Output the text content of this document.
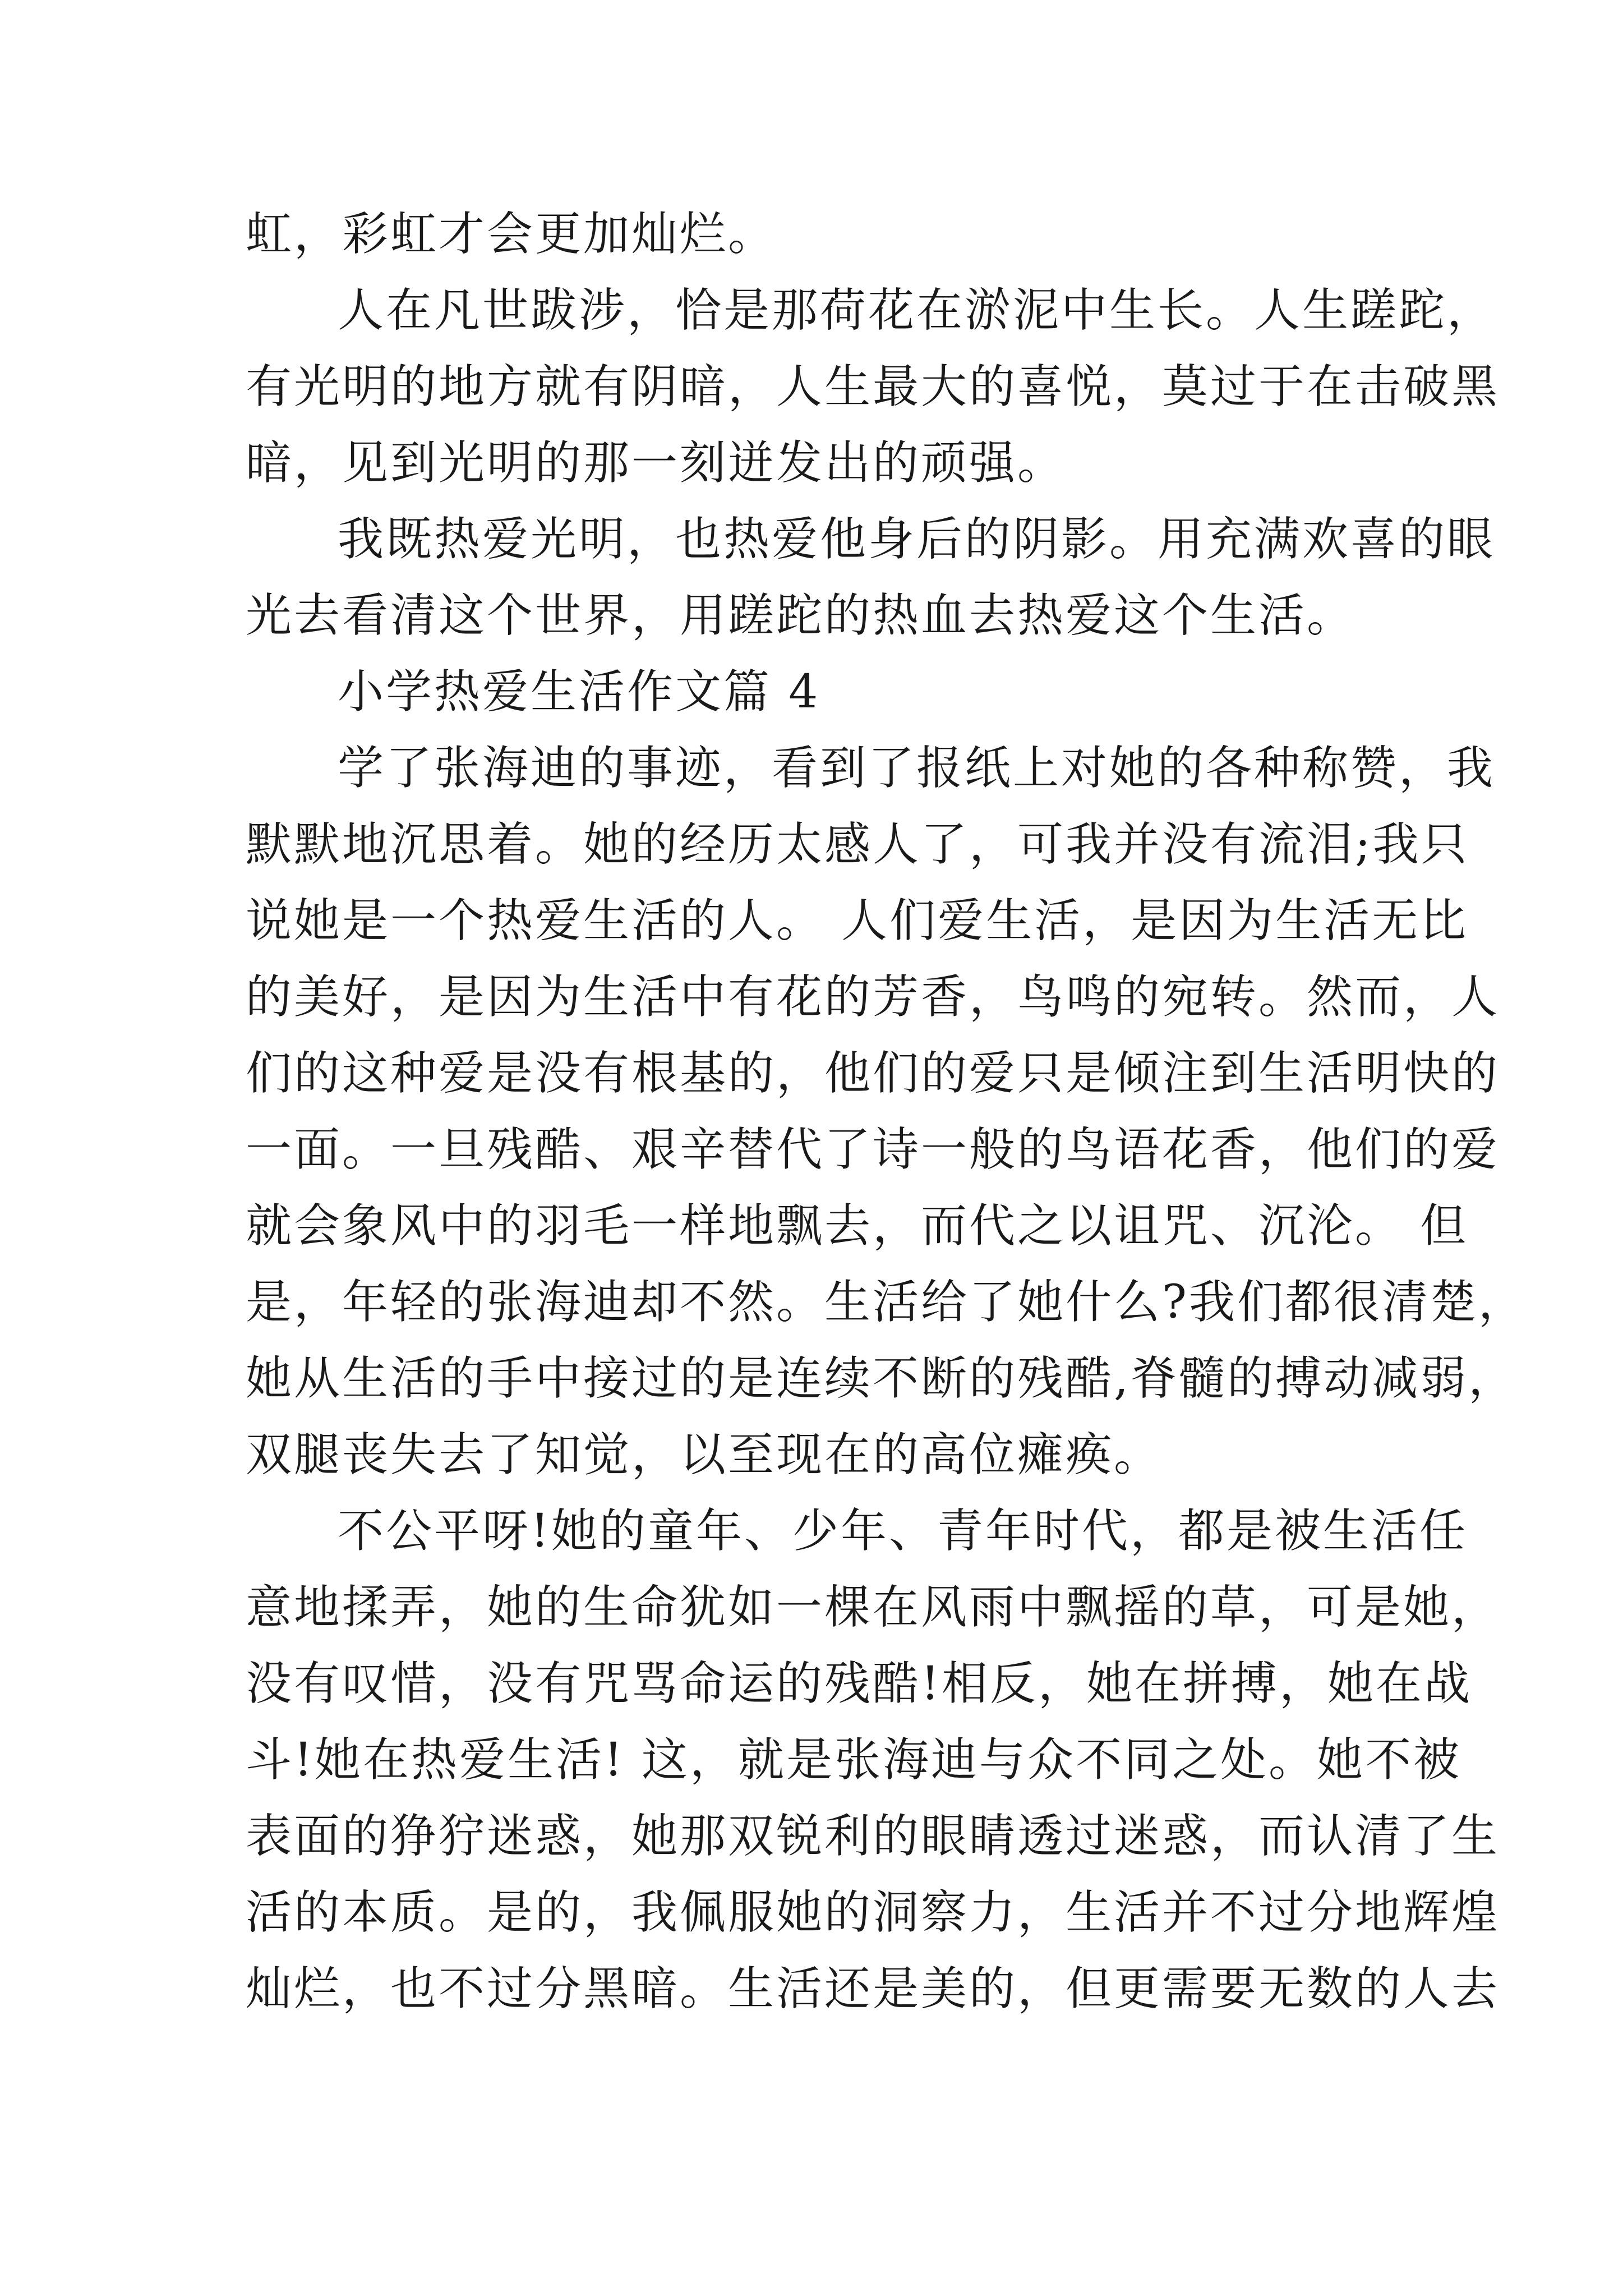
虹，彩虹才会更加灿烂。
人在凡世跋涉，恰是那荷花在淤泥中生长。人生蹉跎，
有光明的地方就有阴暗，人生最大的喜悦，莫过于在击破黑
暗，见到光明的那一刻迸发出的顽强。
我既热爱光明，也热爱他身后的阴影。用充满欢喜的眼
光去看清这个世界，用蹉跎的热血去热爱这个生活。
小学热爱生活作文篇 4
学了张海迪的事迹，看到了报纸上对她的各种称赞，我
默默地沉思着。她的经历太感人了，可我并没有流泪;我只
说她是一个热爱生活的人。 人们爱生活，是因为生活无比
的美好，是因为生活中有花的芳香，鸟鸣的宛转。然而，人
们的这种爱是没有根基的，他们的爱只是倾注到生活明快的
一面。一旦残酷、艰辛替代了诗一般的鸟语花香，他们的爱
就会象风中的羽毛一样地飘去，而代之以诅咒、沉沦。 但
是，年轻的张海迪却不然。生活给了她什么?我们都很清楚，
她从生活的手中接过的是连续不断的残酷,脊髓的搏动减弱，
双腿丧失去了知觉，以至现在的高位瘫痪。
不公平呀!她的童年、少年、青年时代，都是被生活任
意地揉弄，她的生命犹如一棵在风雨中飘摇的草，可是她，
没有叹惜，没有咒骂命运的残酷!相反，她在拼搏，她在战
斗!她在热爱生活! 这，就是张海迪与众不同之处。她不被
表面的狰狞迷惑，她那双锐利的眼睛透过迷惑，而认清了生
活的本质。是的，我佩服她的洞察力，生活并不过分地辉煌
灿烂，也不过分黑暗。生活还是美的，但更需要无数的人去
